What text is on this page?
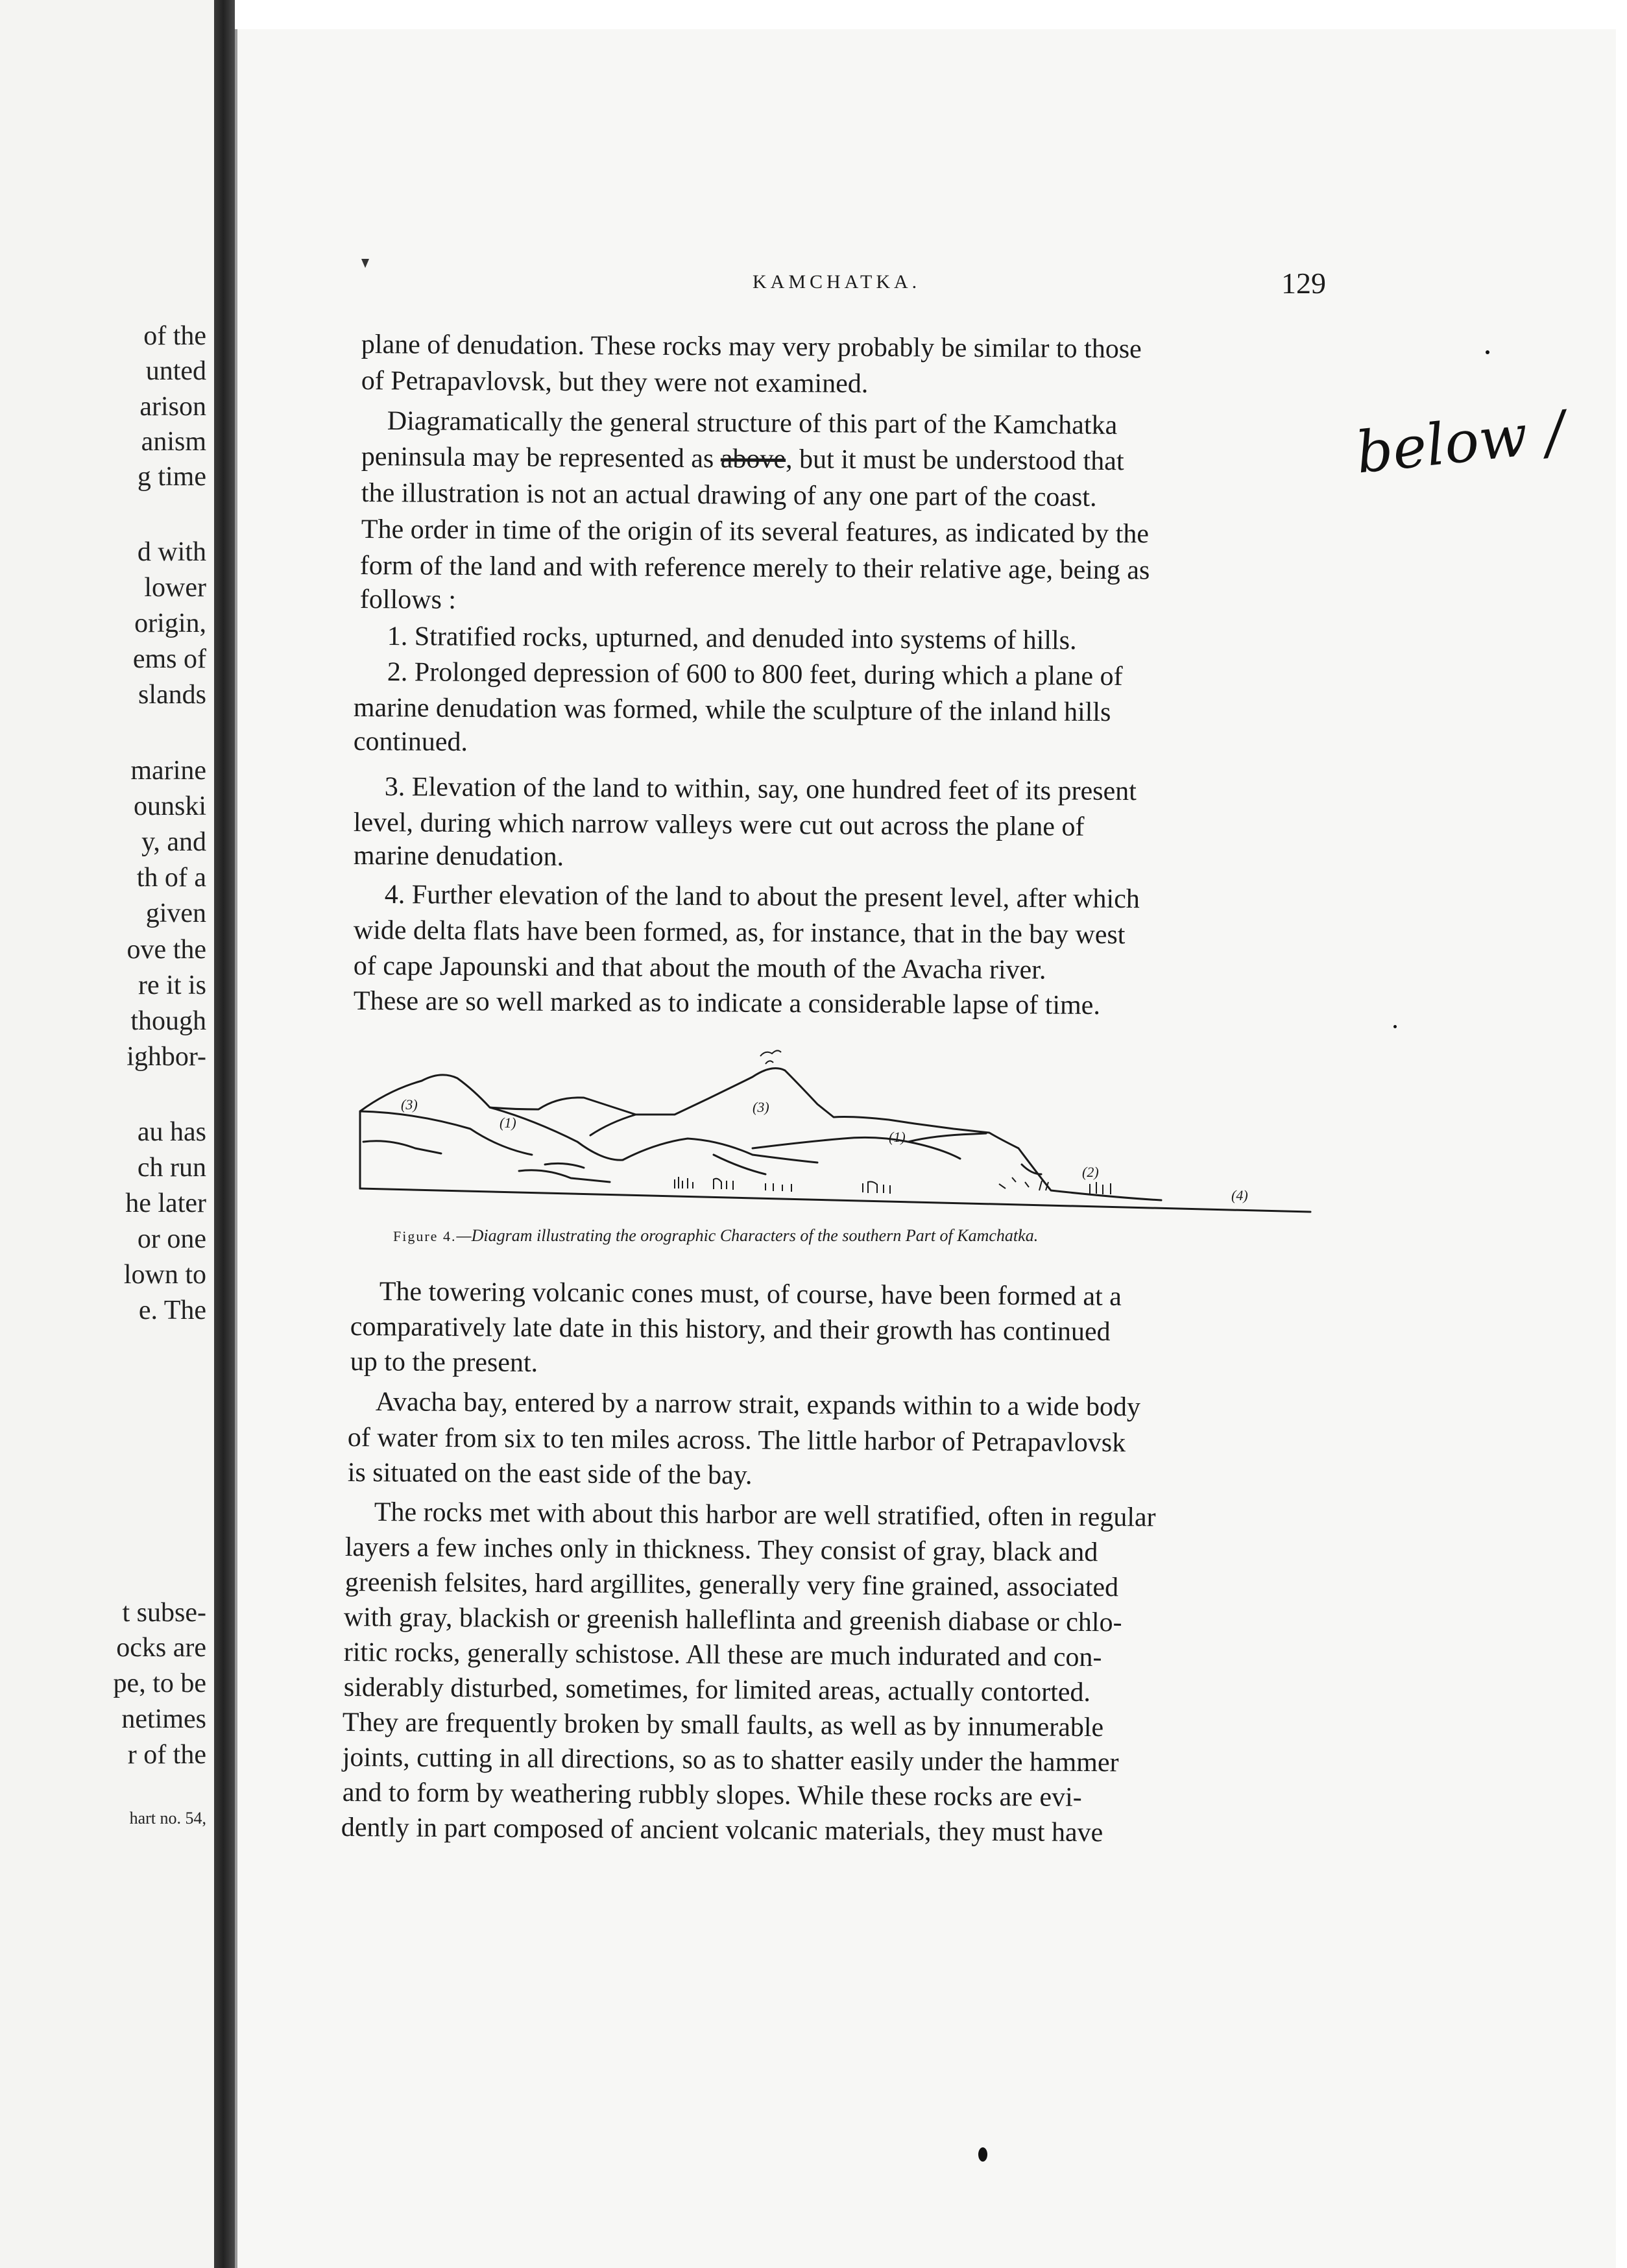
of the
unted
arison
anism
g time
d with
lower
origin,
ems of
slands
marine
ounski
y, and
th of a
given
ove the
re it is
though
ighbor-
au has
ch run
he later
or one
lown to
e. The
t subse-
ocks are
pe, to be
netimes
r of the
hart no. 54,
KAMCHATKA.	129
plane of denudation. These rocks may very probably be similar to those
of Petrapavlovsk, but they were not examined.
Diagramatically the general structure of this part of the Kamchatka
peninsula may be represented as above, but it must be understood that
the illustration is not an actual drawing of any one part of the coast.
The order in time of the origin of its several features, as indicated by the
form of the land and with reference merely to their relative age, being as
follows :
1. Stratified rocks, upturned, and denuded into systems of hills.
2. Prolonged depression of 600 to 800 feet, during which a plane of
marine denudation was formed, while the sculpture of the inland hills
continued.
3. Elevation of the land to within, say, one hundred feet of its present
level, during which narrow valleys were cut out across the plane of
marine denudation.
4. Further elevation of the land to about the present level, after which
wide delta flats have been formed, as, for instance, that in the bay west
of cape Japounski and that about the mouth of the Avacha river.
These are so well marked as to indicate a considerable lapse of time.
(3)
(1)
(3)
(1)
(2)
(4)
Figure 4.—Diagram illustrating the orographic Characters of the southern Part of Kamchatka.
The towering volcanic cones must, of course, have been formed at a
comparatively late date in this history, and their growth has continued
up to the present.
Avacha bay, entered by a narrow strait, expands within to a wide body
of water from six to ten miles across. The little harbor of Petrapavlovsk
is situated on the east side of the bay.
The rocks met with about this harbor are well stratified, often in regular
layers a few inches only in thickness. They consist of gray, black and
greenish felsites, hard argillites, generally very fine grained, associated
with gray, blackish or greenish halleflinta and greenish diabase or chlo-
ritic rocks, generally schistose. All these are much indurated and con-
siderably disturbed, sometimes, for limited areas, actually contorted.
They are frequently broken by small faults, as well as by innumerable
joints, cutting in all directions, so as to shatter easily under the hammer
and to form by weathering rubbly slopes. While these rocks are evi-
dently in part composed of ancient volcanic materials, they must have
below /
